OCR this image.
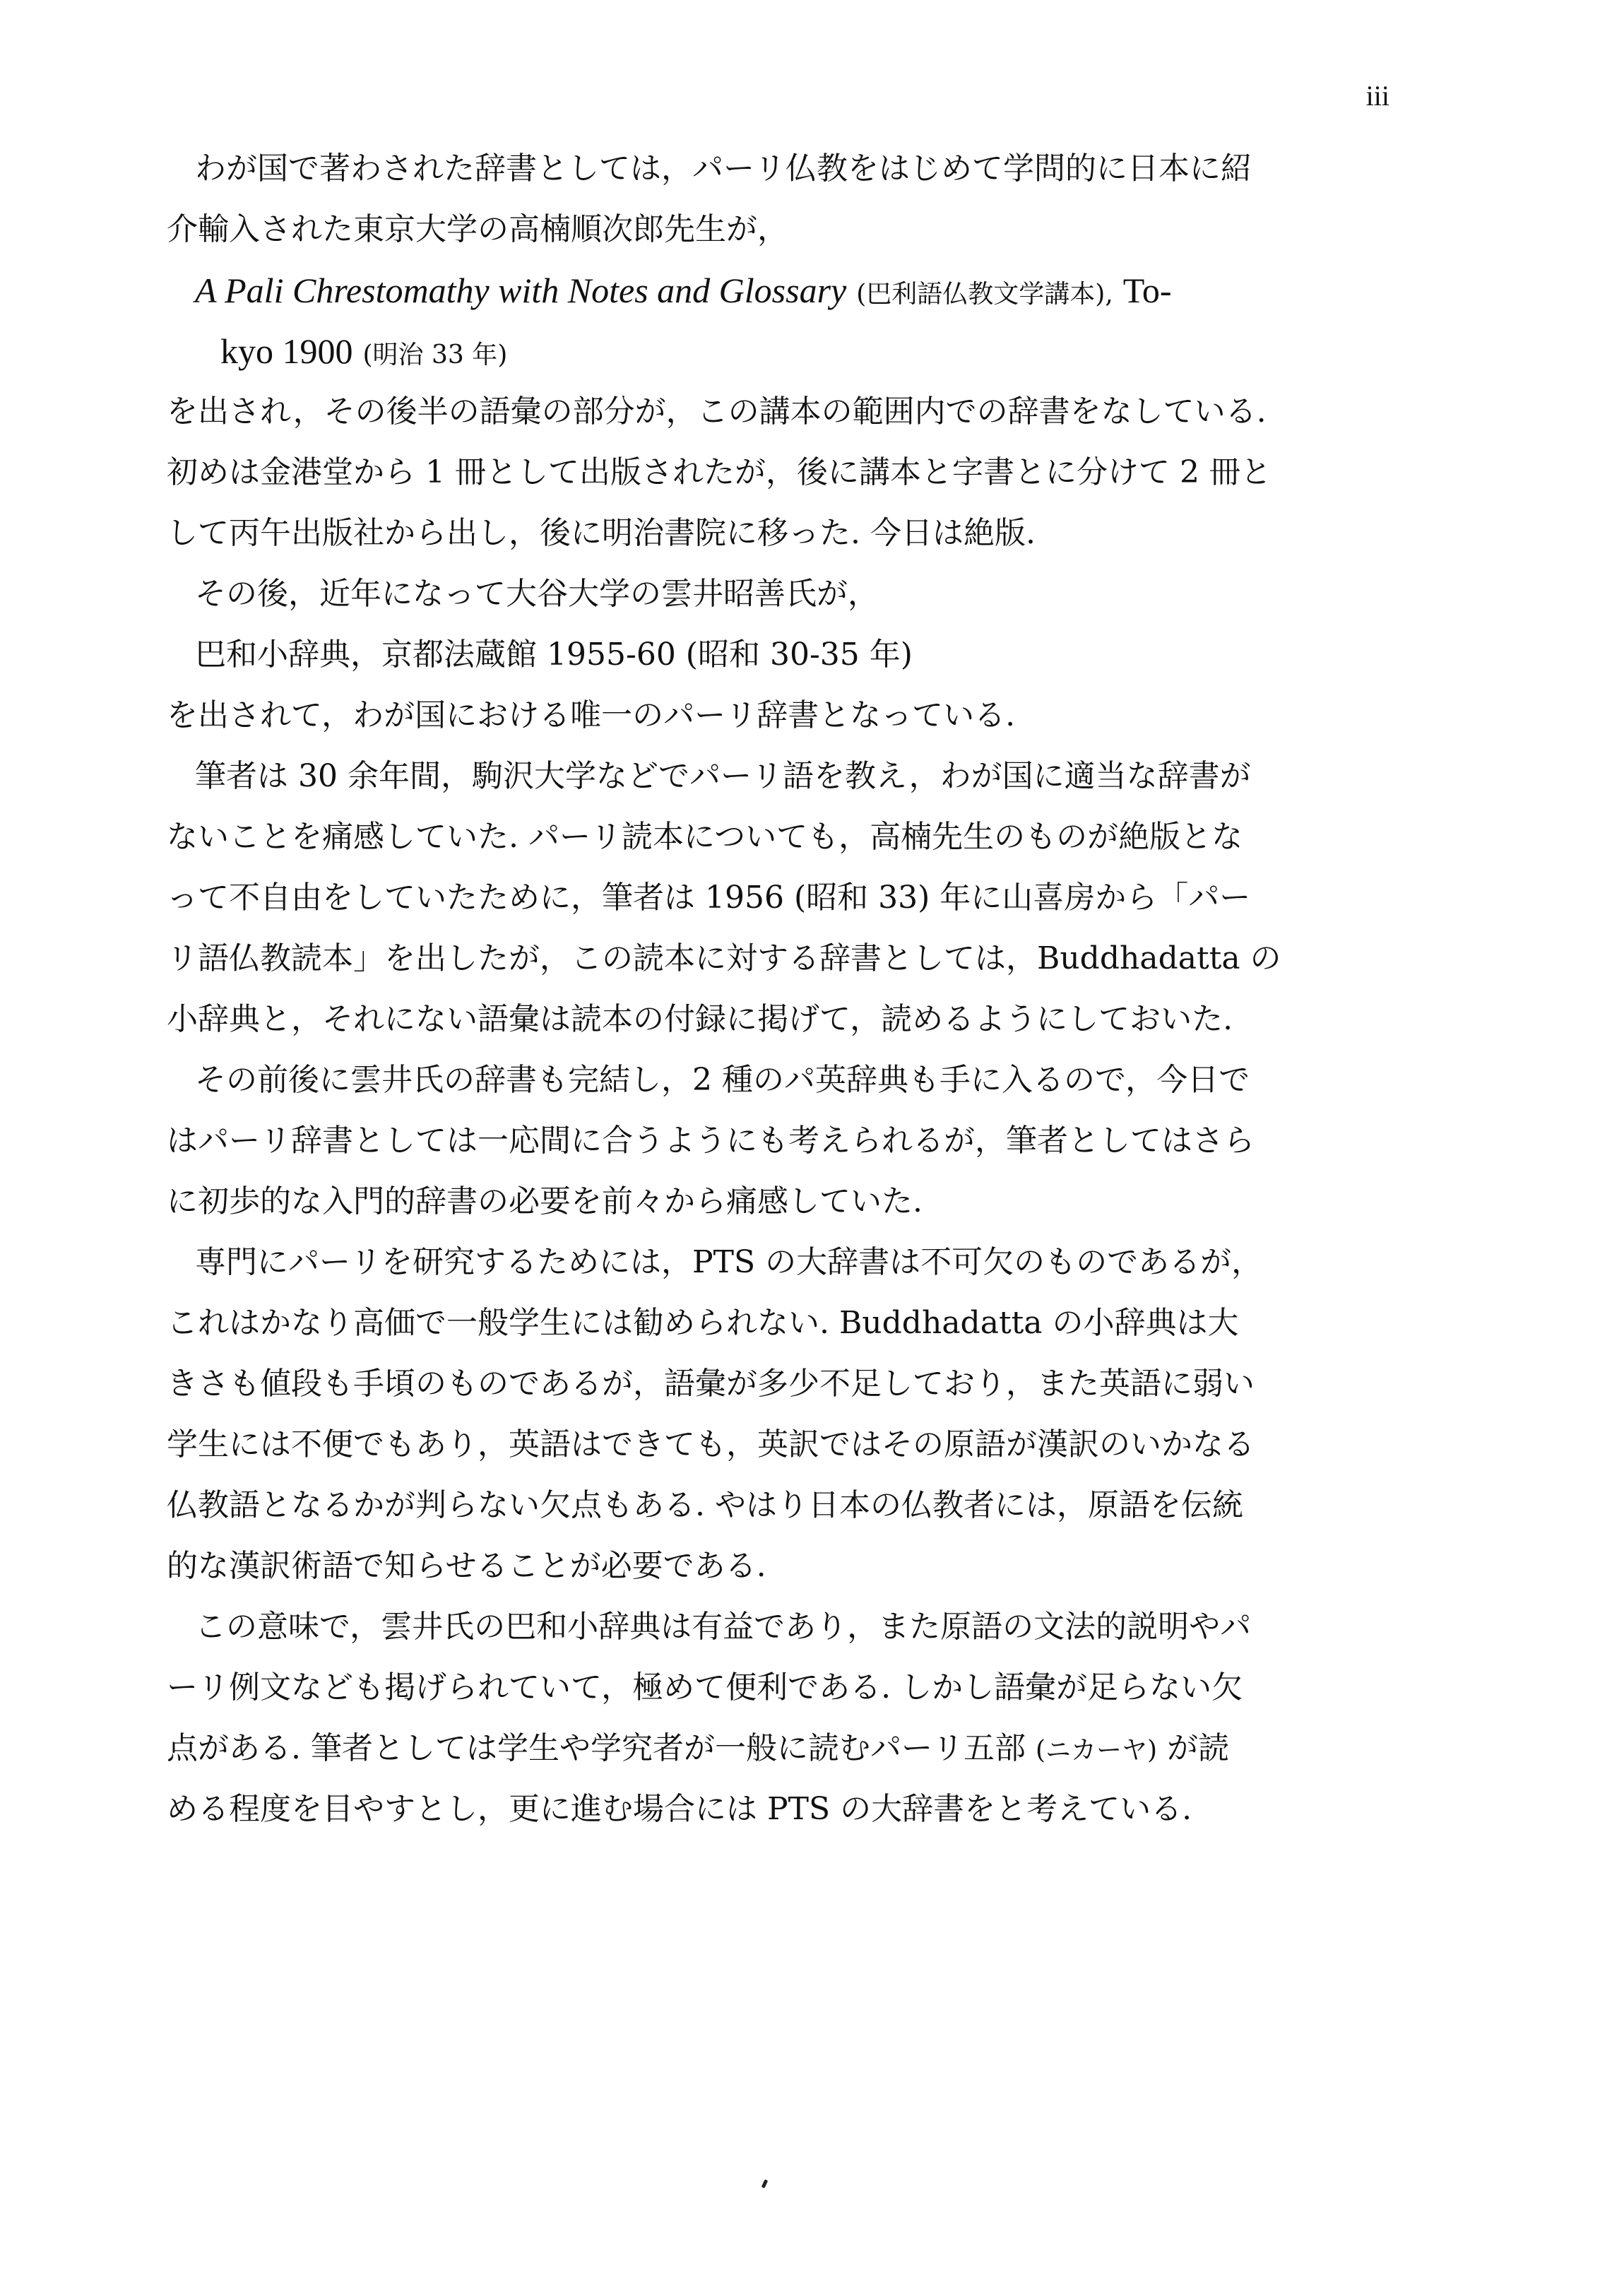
iii
わが国で著わされた辞書としては，パーリ仏教をはじめて学問的に日本に紹
介輸入された東京大学の高楠順次郎先生が，
A Pali Chrestomathy with Notes and Glossary (巴利語仏教文学講本), To-
kyo 1900 (明治 33 年)
を出され，その後半の語彙の部分が，この講本の範囲内での辞書をなしている.
初めは金港堂から 1 冊として出版されたが，後に講本と字書とに分けて 2 冊と
して丙午出版社から出し，後に明治書院に移った. 今日は絶版.
その後，近年になって大谷大学の雲井昭善氏が，
巴和小辞典，京都法蔵館 1955-60 (昭和 30-35 年)
を出されて，わが国における唯一のパーリ辞書となっている.
筆者は 30 余年間，駒沢大学などでパーリ語を教え，わが国に適当な辞書が
ないことを痛感していた. パーリ読本についても，高楠先生のものが絶版とな
って不自由をしていたために，筆者は 1956 (昭和 33) 年に山喜房から「パー
リ語仏教読本」を出したが，この読本に対する辞書としては，Buddhadatta の
小辞典と，それにない語彙は読本の付録に掲げて，読めるようにしておいた.
その前後に雲井氏の辞書も完結し，2 種のパ英辞典も手に入るので，今日で
はパーリ辞書としては一応間に合うようにも考えられるが，筆者としてはさら
に初歩的な入門的辞書の必要を前々から痛感していた.
専門にパーリを研究するためには，PTS の大辞書は不可欠のものであるが，
これはかなり高価で一般学生には勧められない. Buddhadatta の小辞典は大
きさも値段も手頃のものであるが，語彙が多少不足しており，また英語に弱い
学生には不便でもあり，英語はできても，英訳ではその原語が漢訳のいかなる
仏教語となるかが判らない欠点もある. やはり日本の仏教者には，原語を伝統
的な漢訳術語で知らせることが必要である.
この意味で，雲井氏の巴和小辞典は有益であり，また原語の文法的説明やパ
ーリ例文なども掲げられていて，極めて便利である. しかし語彙が足らない欠
点がある. 筆者としては学生や学究者が一般に読むパーリ五部 (ニカーヤ) が読
める程度を目やすとし，更に進む場合には PTS の大辞書をと考えている.
